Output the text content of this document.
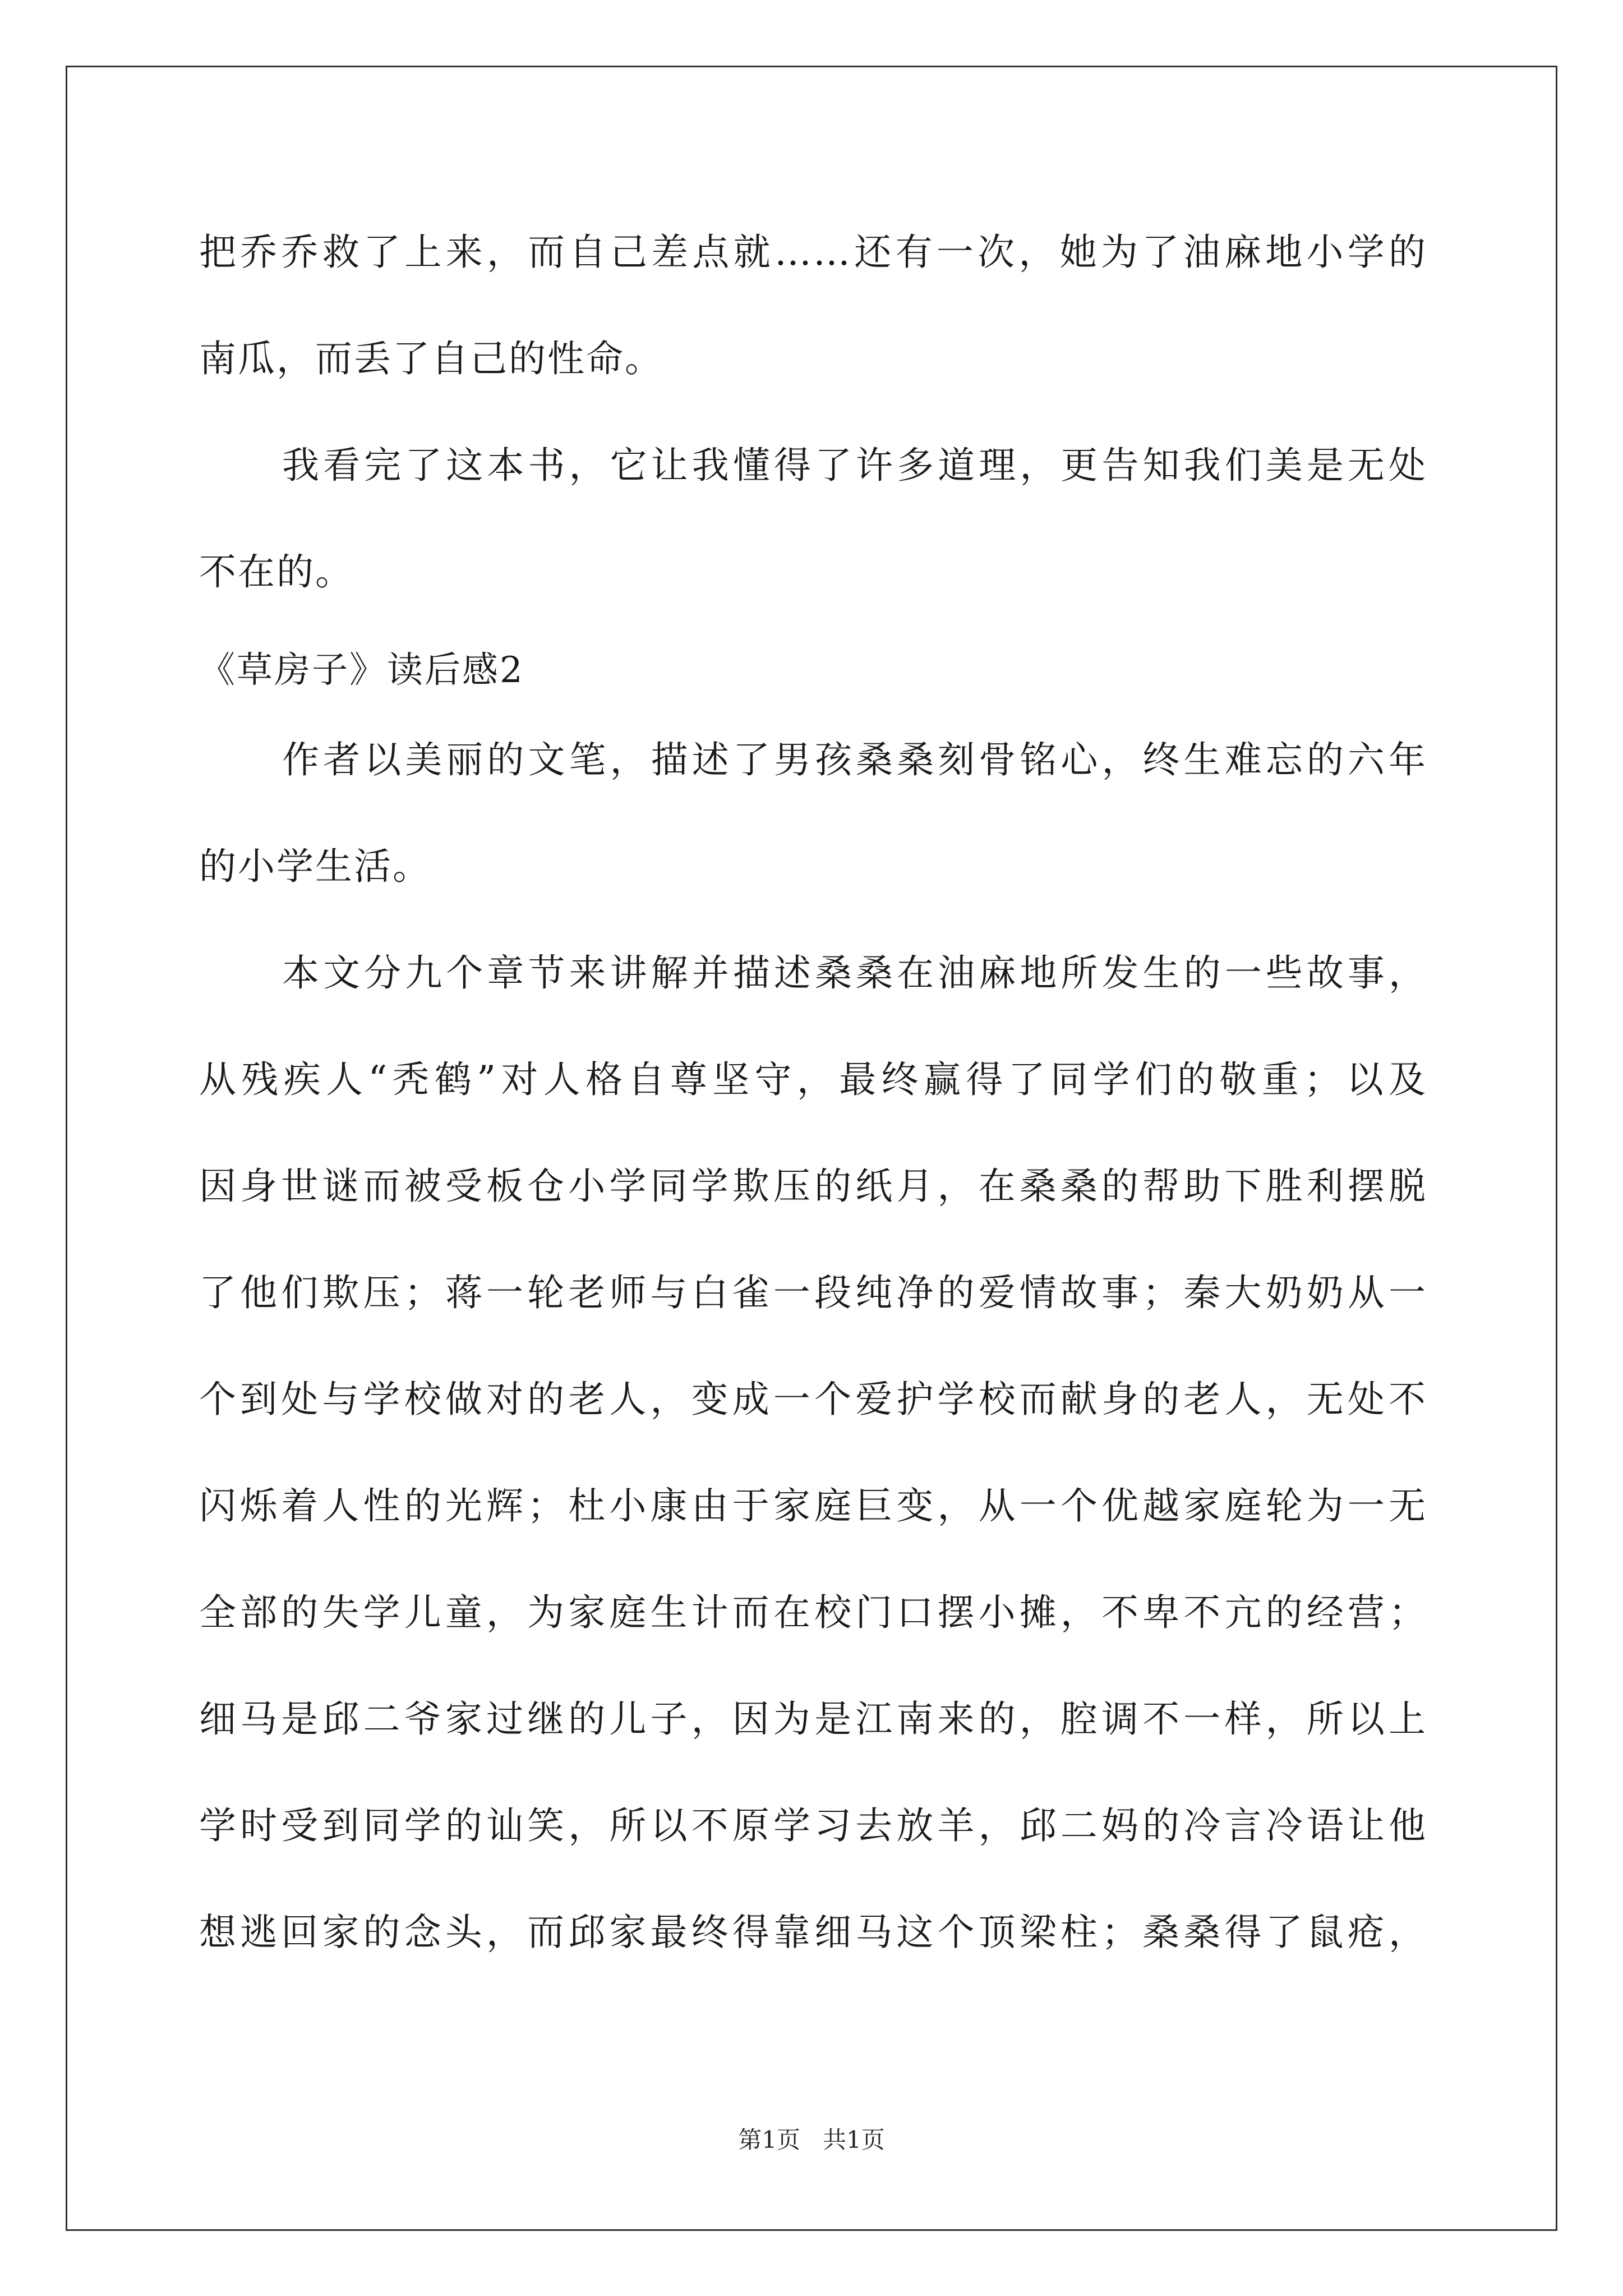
把乔乔救了上来，而自己差点就……还有一次，她为了油麻地小学的
南瓜，而丢了自己的性命。
我看完了这本书，它让我懂得了许多道理，更告知我们美是无处
不在的。
《草房子》读后感2
作者以美丽的文笔，描述了男孩桑桑刻骨铭心，终生难忘的六年
的小学生活。
本文分九个章节来讲解并描述桑桑在油麻地所发生的一些故事，
从残疾人“秃鹤”对人格自尊坚守，最终赢得了同学们的敬重；以及
因身世谜而被受板仓小学同学欺压的纸月，在桑桑的帮助下胜利摆脱
了他们欺压；蒋一轮老师与白雀一段纯净的爱情故事；秦大奶奶从一
个到处与学校做对的老人，变成一个爱护学校而献身的老人，无处不
闪烁着人性的光辉；杜小康由于家庭巨变，从一个优越家庭轮为一无
全部的失学儿童，为家庭生计而在校门口摆小摊，不卑不亢的经营；
细马是邱二爷家过继的儿子，因为是江南来的，腔调不一样，所以上
学时受到同学的讪笑，所以不原学习去放羊，邱二妈的冷言冷语让他
想逃回家的念头，而邱家最终得靠细马这个顶梁柱；桑桑得了鼠疮，
第1页   共1页
